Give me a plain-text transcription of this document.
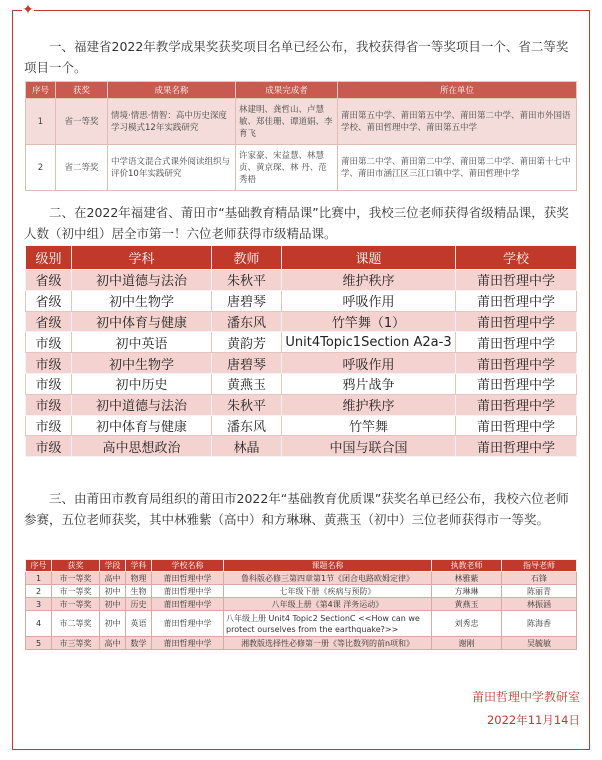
✦
一、福建省2022年教学成果奖获奖项目名单已经公布，我校获得省一等奖项目一个、省二等奖项目一个。
序号	获奖	成果名称	成果完成者	所在单位
1	省一等奖	情境·情思·情智：高中历史深度学习模式12年实践研究	林建明、龚哲山、卢慧敏、郑佳珊、谭道娟、李育飞	莆田第五中学、莆田第五中学、莆田第二中学、莆田市外国语学校、莆田哲理中学、莆田第五中学
2	省二等奖	中学语文混合式课外阅读组织与评价10年实践研究	许家豪、宋益慧、林慧贞、黄京琛、林 丹、范秀梧	莆田第二中学、莆田第二中学、莆田第二中学、莆田第十七中学、莆田市涵江区三江口镇中学、莆田哲理中学
二、在2022年福建省、莆田市“基础教育精品课”比赛中，我校三位老师获得省级精品课，获奖人数（初中组）居全市第一！六位老师获得市级精品课。
级别	学科	教师	课题	学校
省级	初中道德与法治	朱秋平	维护秩序	莆田哲理中学
省级	初中生物学	唐碧琴	呼吸作用	莆田哲理中学
省级	初中体育与健康	潘东风	竹竿舞（1）	莆田哲理中学
市级	初中英语	黄韵芳	Unit4Topic1Section A2a-3	莆田哲理中学
市级	初中生物学	唐碧琴	呼吸作用	莆田哲理中学
市级	初中历史	黄燕玉	鸦片战争	莆田哲理中学
市级	初中道德与法治	朱秋平	维护秩序	莆田哲理中学
市级	初中体育与健康	潘东风	竹竿舞	莆田哲理中学
市级	高中思想政治	林晶	中国与联合国	莆田哲理中学
三、由莆田市教育局组织的莆田市2022年“基础教育优质课”获奖名单已经公布，我校六位老师参赛，五位老师获奖，其中林雅紫（高中）和方琳琳、黄燕玉（初中）三位老师获得市一等奖。
序号	获奖	学段	学科	学校名称	课题名称	执教老师	指导老师
1	市一等奖	高中	物理	莆田哲理中学	鲁科版必修三第四章第1节《闭合电路欧姆定律》	林雅紫	石锋
2	市一等奖	初中	生物	莆田哲理中学	七年级下册《疾病与预防》	方琳琳	陈丽青
3	市一等奖	初中	历史	莆田哲理中学	八年级上册《第4课 洋务运动》	黄燕玉	林振涵
4	市二等奖	初中	英语	莆田哲理中学	八年级上册 Unit4 Topic2 SectionC <<How can we protect ourselves from the earthquake?>>	刘秀忠	陈海香
5	市三等奖	高中	数学	莆田哲理中学	湘教版选择性必修第一册《等比数列的前n项和》	谢刚	吴毓敏
莆田哲理中学教研室
2022年11月14日
